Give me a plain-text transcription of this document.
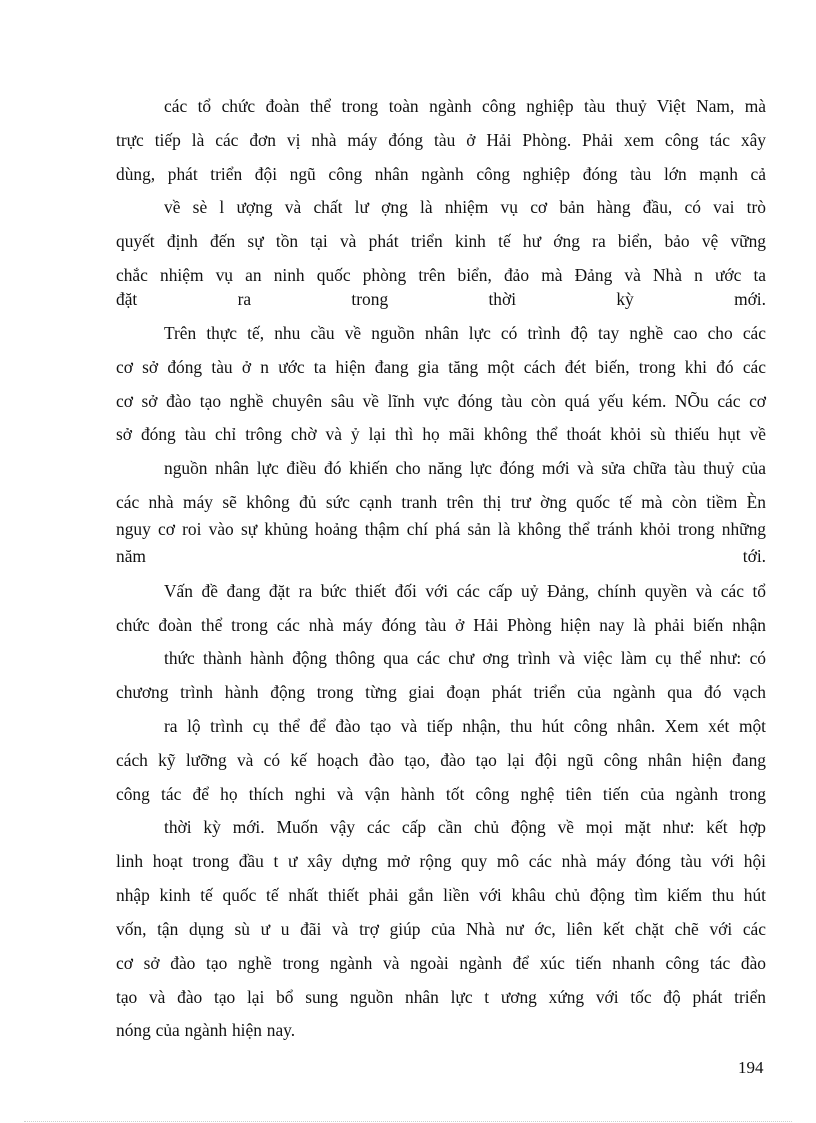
các tổ chức đoàn thể trong toàn ngành công nghiệp tàu thuỷ Việt Nam, mà
trực tiếp là các đơn vị nhà máy đóng tàu ở Hải Phòng. Phải xem công tác xây
dùng, phát triển đội ngũ công nhân ngành công nghiệp đóng tàu lớn mạnh cả
về sè l ượng và chất lư ợng là nhiệm vụ cơ bản hàng đầu, có vai trò
quyết định đến sự tồn tại và phát triển kinh tế hư ớng ra biển, bảo vệ vững
chắc nhiệm vụ an ninh quốc phòng trên biển, đảo mà Đảng và Nhà n ước ta
đặt ra trong thời kỳ mới.
Trên thực tế, nhu cầu về nguồn nhân lực có trình độ tay nghề cao cho các
cơ sở đóng tàu ở n ước ta hiện đang gia tăng một cách đét biến, trong khi đó các
cơ sở đào tạo nghề chuyên sâu về lĩnh vực đóng tàu còn quá yếu kém. NÕu các cơ
sở đóng tàu chỉ trông chờ và ỷ lại thì họ mãi không thể thoát khỏi sù thiếu hụt về
nguồn nhân lực điều đó khiến cho năng lực đóng mới và sửa chữa tàu thuỷ của
các nhà máy sẽ không đủ sức cạnh tranh trên thị trư ờng quốc tế mà còn tiềm Èn
nguy cơ roi vào sự khủng hoảng thậm chí phá sản là không thể tránh khỏi trong những
năm tới.
Vấn đề đang đặt ra bức thiết đối với các cấp uỷ Đảng, chính quyền và các tổ
chức đoàn thể trong các nhà máy đóng tàu ở Hải Phòng hiện nay là phải biến nhận
thức thành hành động thông qua các chư ơng trình và việc làm cụ thể như: có
chương trình hành động trong từng giai đoạn phát triển của ngành qua đó vạch
ra lộ trình cụ thể để đào tạo và tiếp nhận, thu hút công nhân. Xem xét một
cách kỹ lưỡng và có kế hoạch đào tạo, đào tạo lại đội ngũ công nhân hiện đang
công tác để họ thích nghi và vận hành tốt công nghệ tiên tiến của ngành trong
thời kỳ mới. Muốn vậy các cấp cần chủ động về mọi mặt như: kết hợp
linh hoạt trong đầu t ư xây dựng mở rộng quy mô các nhà máy đóng tàu với hội
nhập kinh tế quốc tế nhất thiết phải gắn liền với khâu chủ động tìm kiếm thu hút
vốn, tận dụng sù ư u đãi và trợ giúp của Nhà nư ớc, liên kết chặt chẽ với các
cơ sở đào tạo nghề trong ngành và ngoài ngành để xúc tiến nhanh công tác đào
tạo và đào tạo lại bổ sung nguồn nhân lực t ương xứng với tốc độ phát triển
nóng của ngành hiện nay.
194
